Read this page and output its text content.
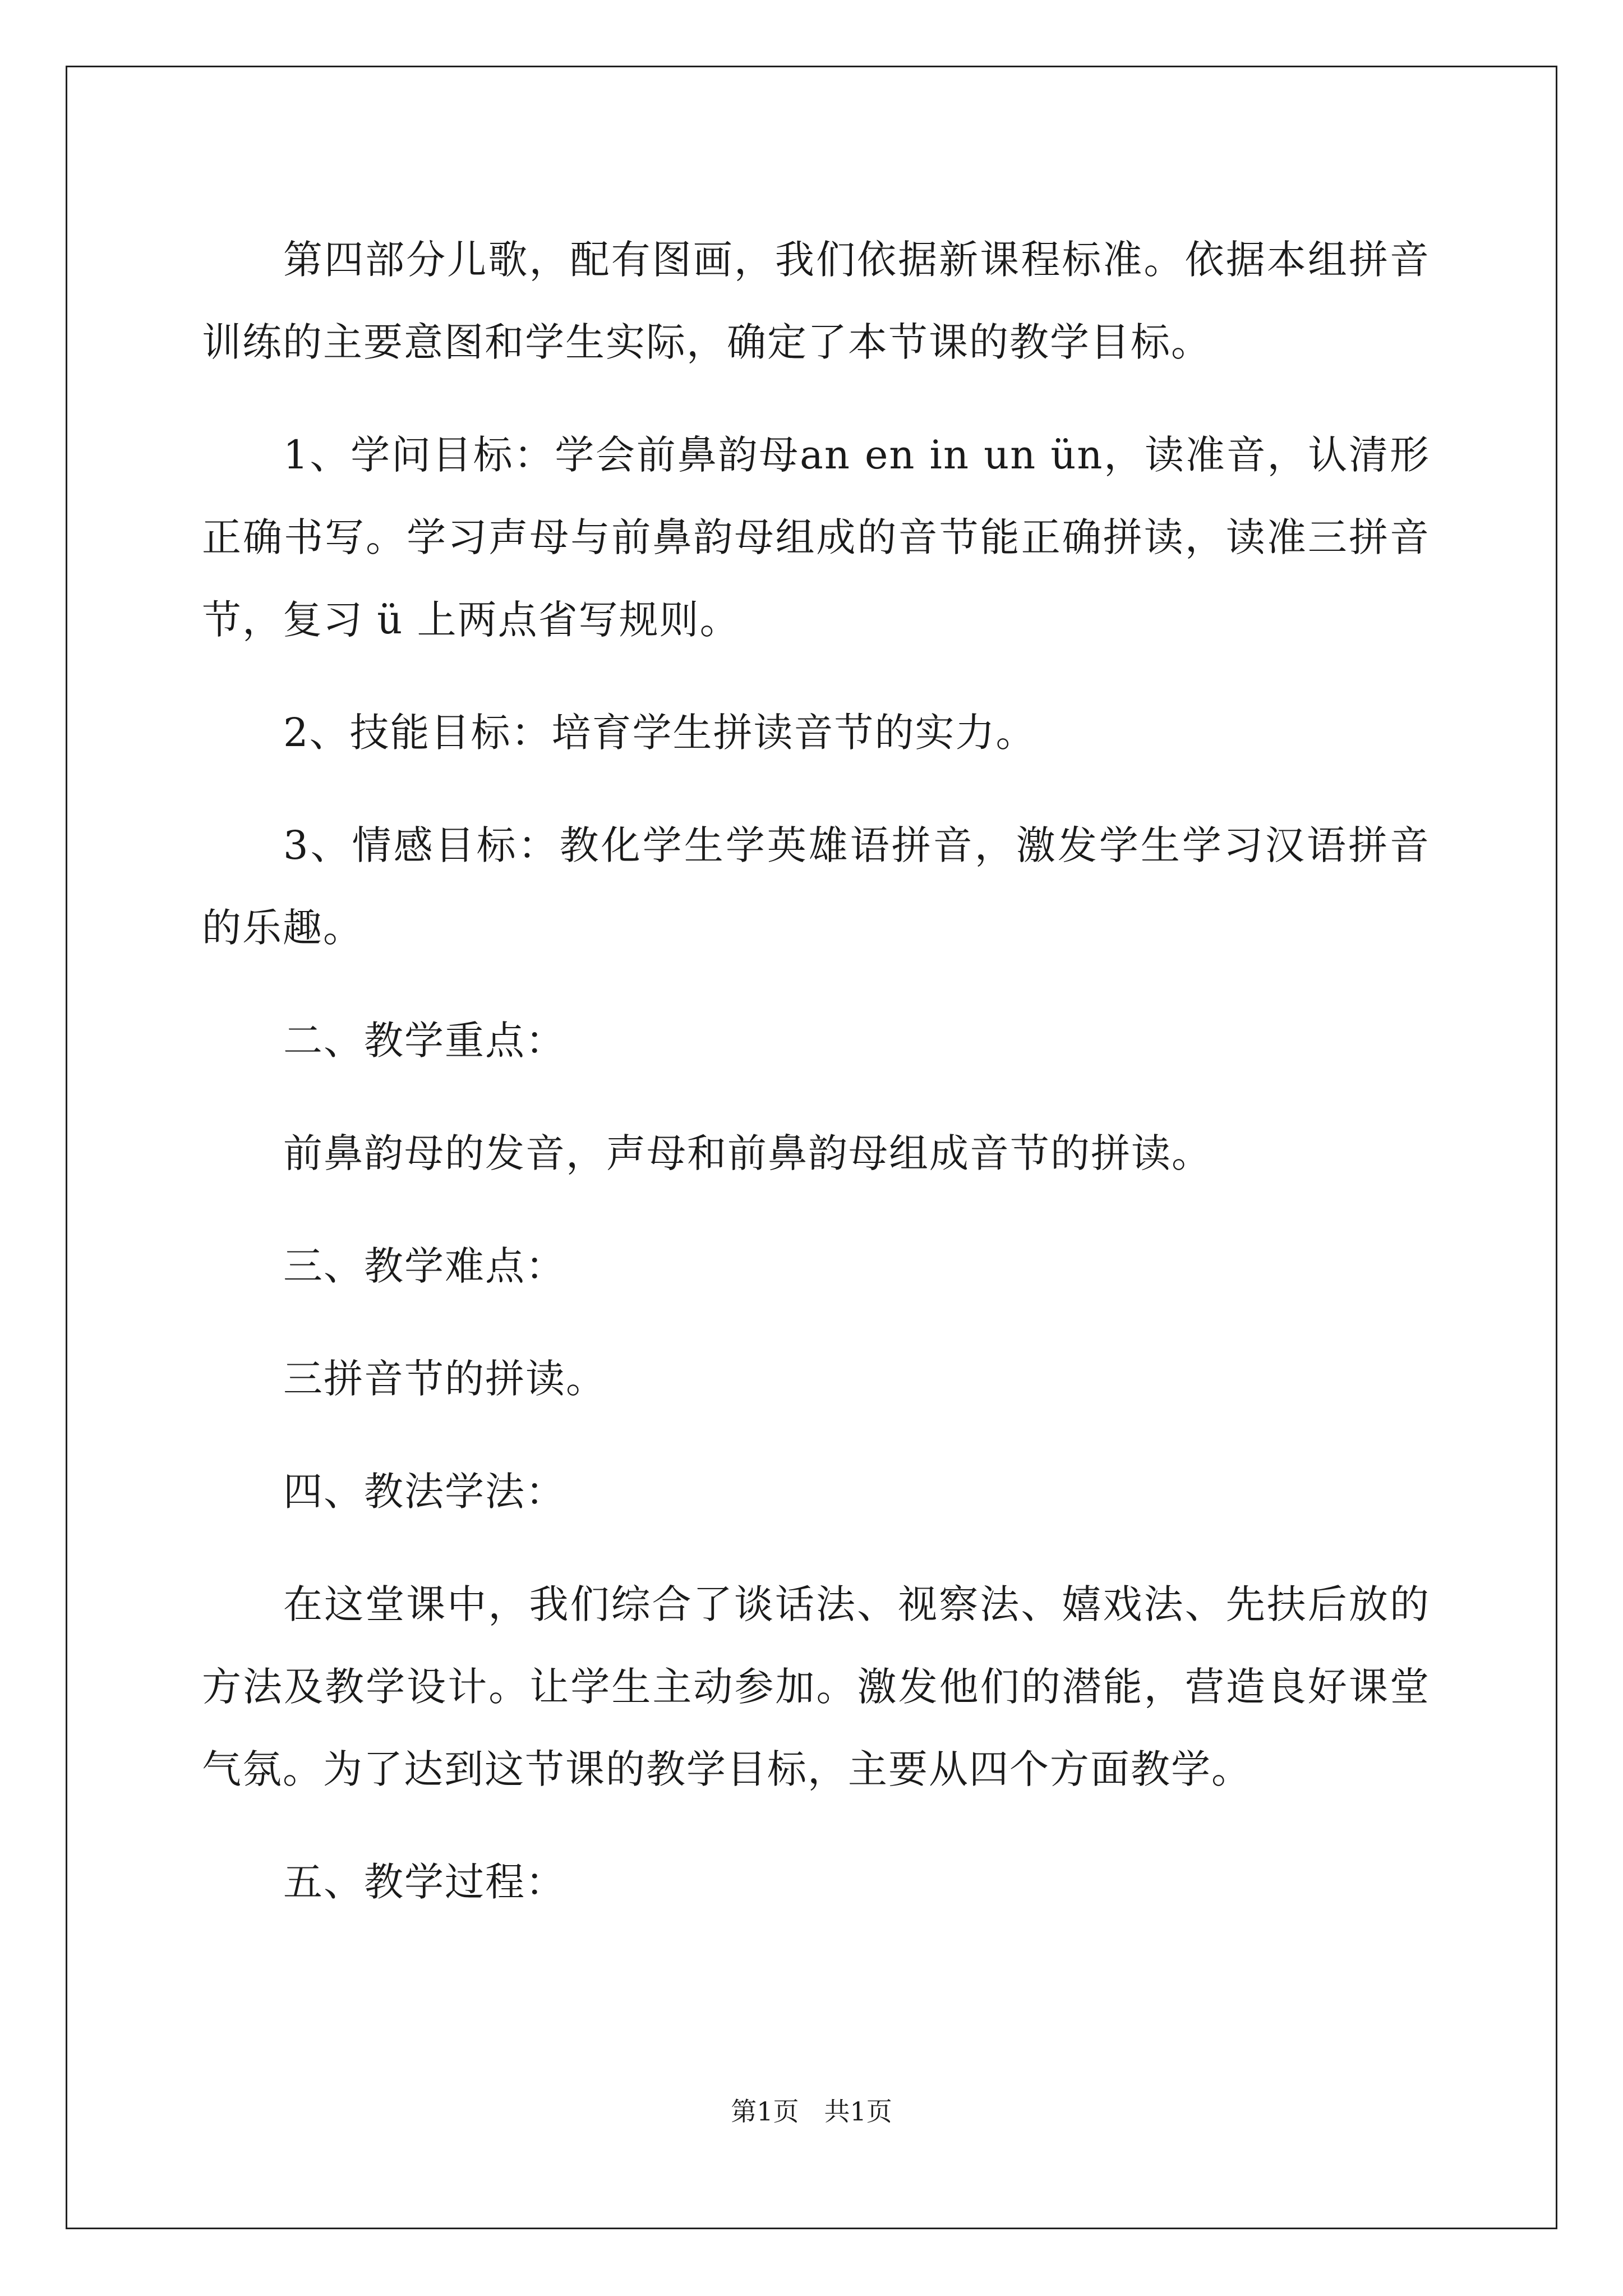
第四部分儿歌，配有图画，我们依据新课程标准。依据本组拼音训练的主要意图和学生实际，确定了本节课的教学目标。

1、学问目标：学会前鼻韵母an en in un ün，读准音，认清形正确书写。学习声母与前鼻韵母组成的音节能正确拼读，读准三拼音节，复习 ü 上两点省写规则。

2、技能目标：培育学生拼读音节的实力。

3、情感目标：教化学生学英雄语拼音，激发学生学习汉语拼音的乐趣。

二、教学重点：

前鼻韵母的发音，声母和前鼻韵母组成音节的拼读。

三、教学难点：

三拼音节的拼读。

四、教法学法：

在这堂课中，我们综合了谈话法、视察法、嬉戏法、先扶后放的方法及教学设计。让学生主动参加。激发他们的潜能，营造良好课堂气氛。为了达到这节课的教学目标，主要从四个方面教学。

五、教学过程：

第1页 共1页
